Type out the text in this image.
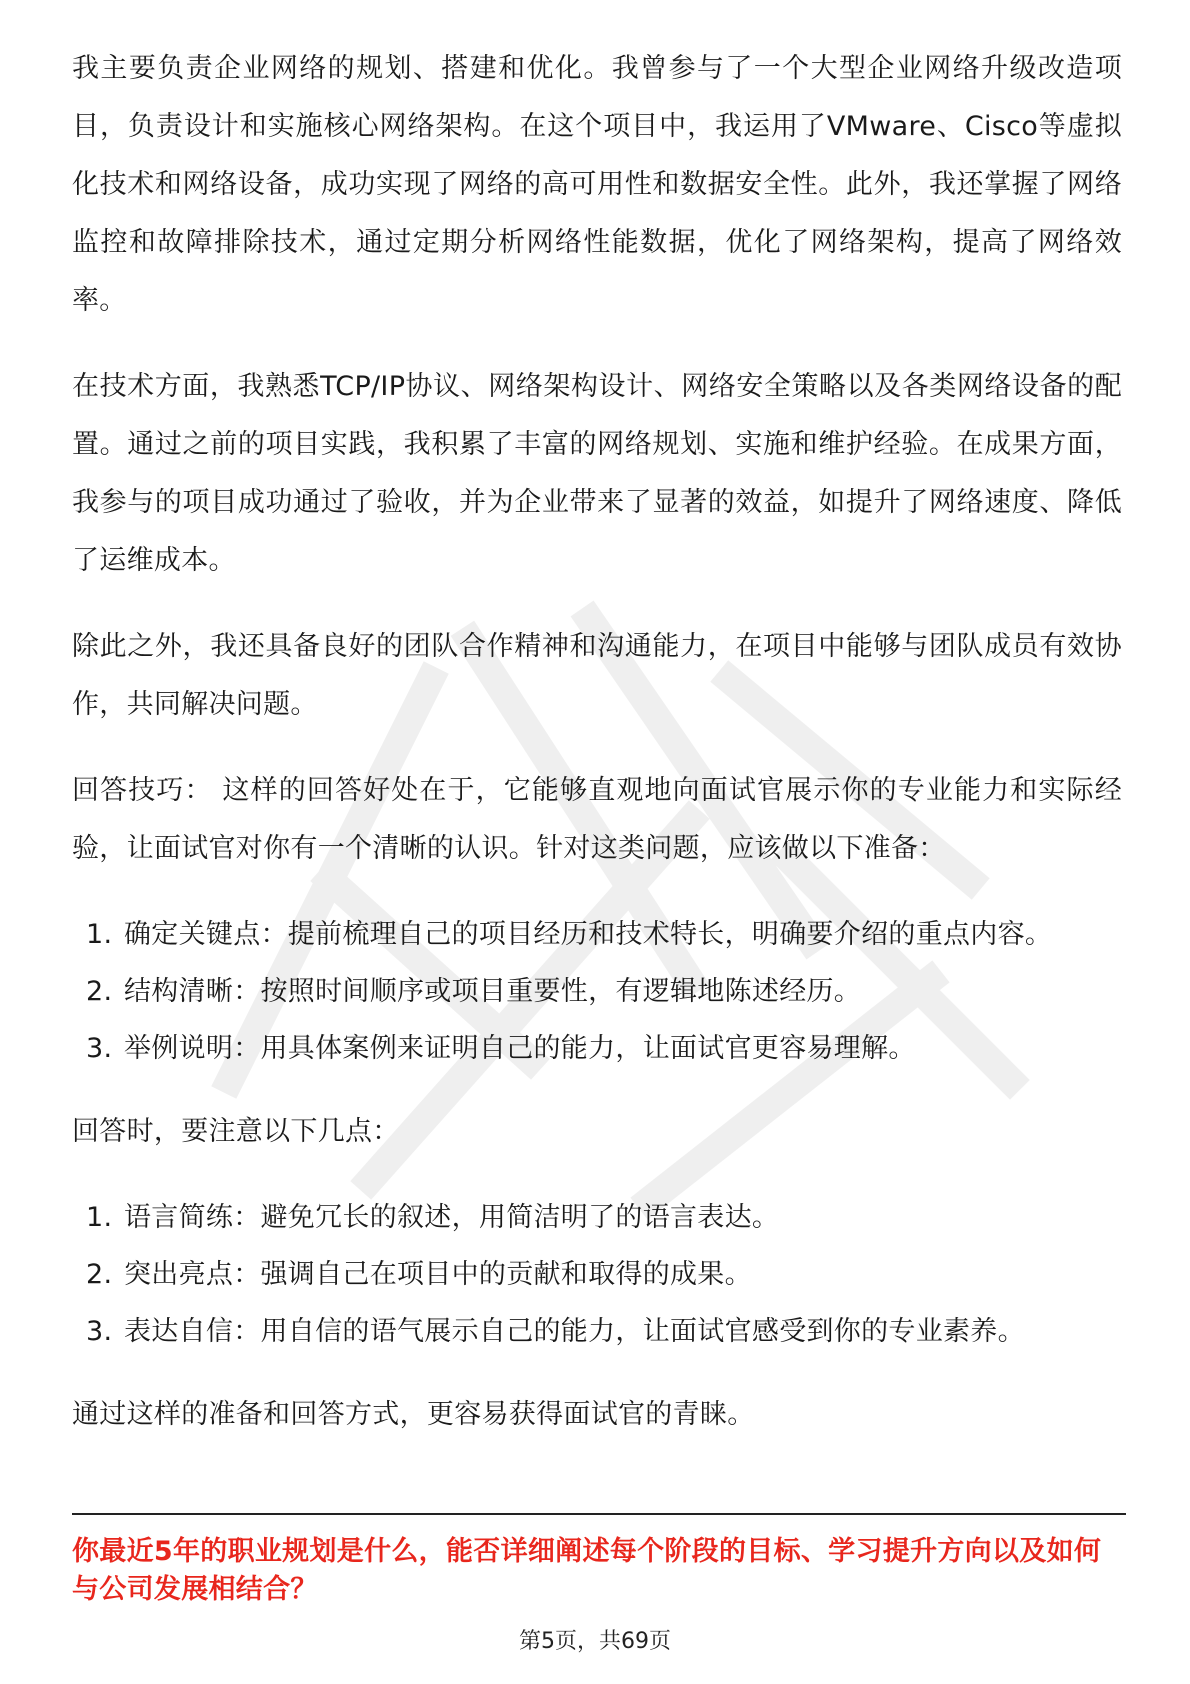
我主要负责企业网络的规划、搭建和优化。我曾参与了一个大型企业网络升级改造项目，负责设计和实施核心网络架构。在这个项目中，我运用了VMware、Cisco等虚拟化技术和网络设备，成功实现了网络的高可用性和数据安全性。此外，我还掌握了网络监控和故障排除技术，通过定期分析网络性能数据，优化了网络架构，提高了网络效率。

在技术方面，我熟悉TCP/IP协议、网络架构设计、网络安全策略以及各类网络设备的配置。通过之前的项目实践，我积累了丰富的网络规划、实施和维护经验。在成果方面，我参与的项目成功通过了验收，并为企业带来了显著的效益，如提升了网络速度、降低了运维成本。

除此之外，我还具备良好的团队合作精神和沟通能力，在项目中能够与团队成员有效协作，共同解决问题。

回答技巧： 这样的回答好处在于，它能够直观地向面试官展示你的专业能力和实际经验，让面试官对你有一个清晰的认识。针对这类问题，应该做以下准备：

1. 确定关键点：提前梳理自己的项目经历和技术特长，明确要介绍的重点内容。
2. 结构清晰：按照时间顺序或项目重要性，有逻辑地陈述经历。
3. 举例说明：用具体案例来证明自己的能力，让面试官更容易理解。

回答时，要注意以下几点：

1. 语言简练：避免冗长的叙述，用简洁明了的语言表达。
2. 突出亮点：强调自己在项目中的贡献和取得的成果。
3. 表达自信：用自信的语气展示自己的能力，让面试官感受到你的专业素养。

通过这样的准备和回答方式，更容易获得面试官的青睐。

你最近5年的职业规划是什么，能否详细阐述每个阶段的目标、学习提升方向以及如何与公司发展相结合？

第5页，共69页
